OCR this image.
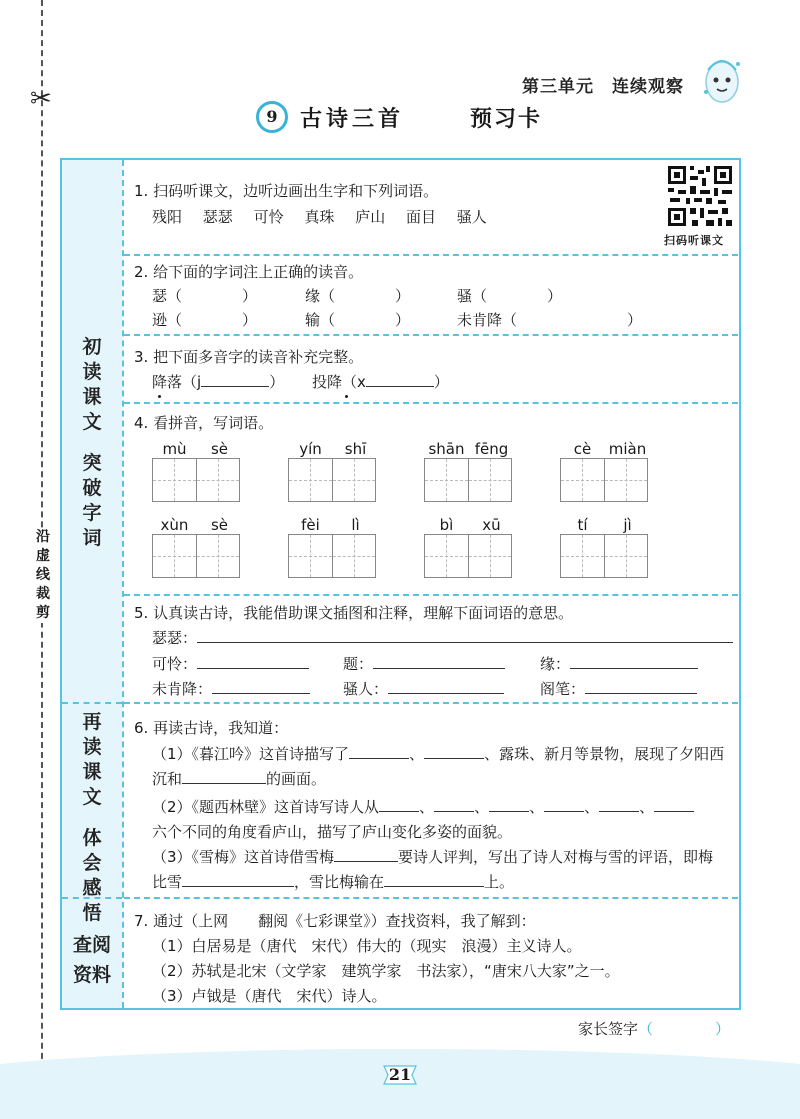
✂
沿虚线裁剪
第三单元　连续观察
9	古诗三首	预习卡
初
读
课
文
突
破
字
词
再
读
课
文
体
会
感
悟
查阅
资料
1. 扫码听课文，边听边画出生字和下列词语。
残阳 瑟瑟 可怜 真珠 庐山 面目 骚人
扫码听课文
2. 给下面的字词注上正确的读音。
瑟（	）	缘（	）	骚（	）
逊（	）	输（	）	未肯降（	）
3. 把下面多音字的读音补充完整。
降落（j	） 投降（x	）
4. 看拼音，写词语。
mù	sè	yín	shī	shān fēng	cè	miàn
xùn	sè	fèi	lì	bì	xū	tí	jì
5. 认真读古诗，我能借助课文插图和注释，理解下面词语的意思。
瑟瑟：
可怜：	题：	缘：
未肯降：	骚人：	阁笔：
6. 再读古诗，我知道：
（1）《暮江吟》这首诗描写了	、	、露珠、新月等景物，展现了夕阳西
沉和	的画面。
（2）《题西林壁》这首诗写诗人从	、	、	、	、	、
六个不同的角度看庐山，描写了庐山变化多姿的面貌。
（3）《雪梅》这首诗借雪梅	要诗人评判，写出了诗人对梅与雪的评语，即梅
比雪	，雪比梅输在	上。
7. 通过（上网　　翻阅《七彩课堂》）查找资料，我了解到：
（1）白居易是（唐代　宋代）伟大的（现实　浪漫）主义诗人。
（2）苏轼是北宋（文学家　建筑学家　书法家），“唐宋八大家”之一。
（3）卢钺是（唐代　宋代）诗人。
家长签字（	）
21
